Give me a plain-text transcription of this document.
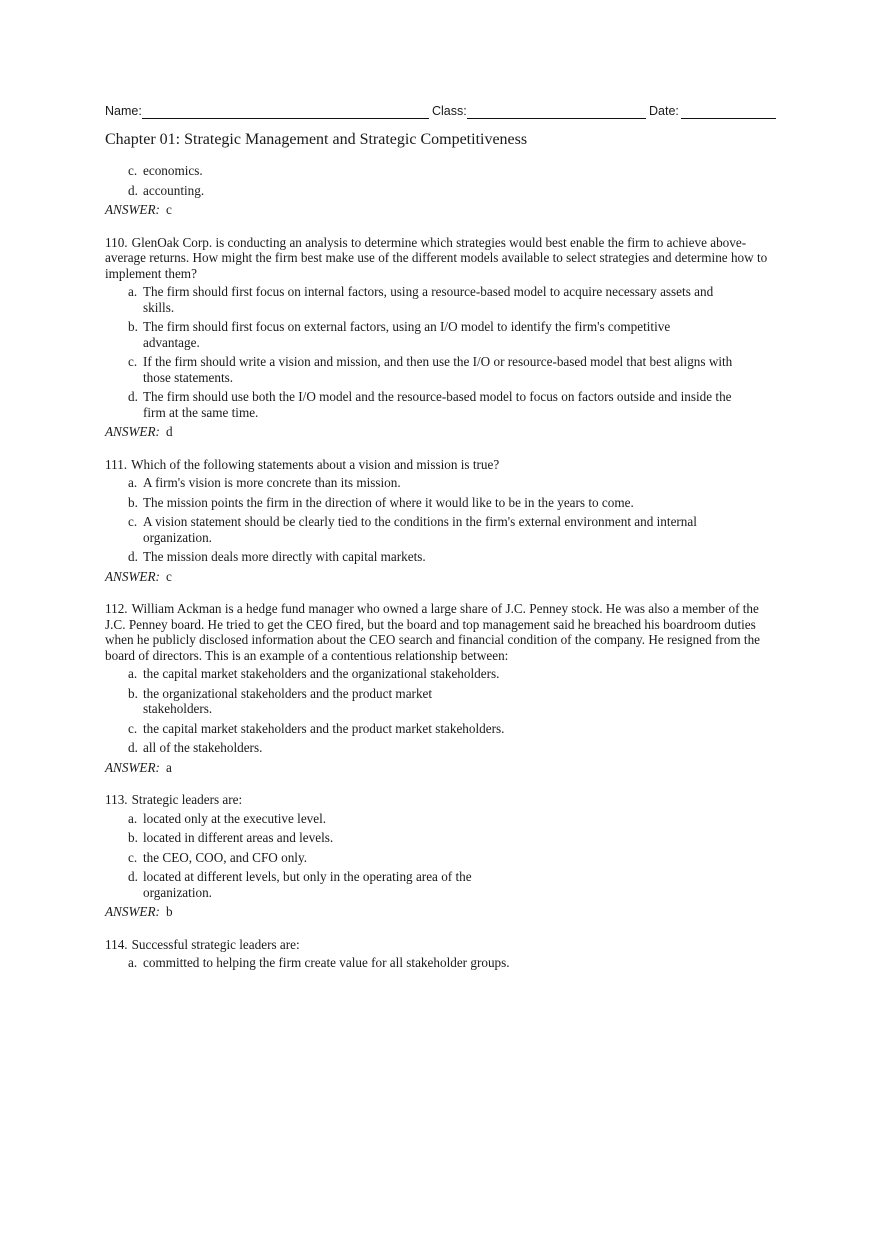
Name:	Class:	Date:
Chapter 01: Strategic Management and Strategic Competitiveness
c. economics.
d. accounting.
ANSWER: c
110. GlenOak Corp. is conducting an analysis to determine which strategies would best enable the firm to achieve above-average returns. How might the firm best make use of the different models available to select strategies and determine how to implement them?
a. The firm should first focus on internal factors, using a resource-based model to acquire necessary assets and skills.
b. The firm should first focus on external factors, using an I/O model to identify the firm's competitive advantage.
c. If the firm should write a vision and mission, and then use the I/O or resource-based model that best aligns with those statements.
d. The firm should use both the I/O model and the resource-based model to focus on factors outside and inside the firm at the same time.
ANSWER: d
111. Which of the following statements about a vision and mission is true?
a. A firm's vision is more concrete than its mission.
b. The mission points the firm in the direction of where it would like to be in the years to come.
c. A vision statement should be clearly tied to the conditions in the firm's external environment and internal organization.
d. The mission deals more directly with capital markets.
ANSWER: c
112. William Ackman is a hedge fund manager who owned a large share of J.C. Penney stock. He was also a member of the J.C. Penney board. He tried to get the CEO fired, but the board and top management said he breached his boardroom duties when he publicly disclosed information about the CEO search and financial condition of the company. He resigned from the board of directors. This is an example of a contentious relationship between:
a. the capital market stakeholders and the organizational stakeholders.
b. the organizational stakeholders and the product market stakeholders.
c. the capital market stakeholders and the product market stakeholders.
d. all of the stakeholders.
ANSWER: a
113. Strategic leaders are:
a. located only at the executive level.
b. located in different areas and levels.
c. the CEO, COO, and CFO only.
d. located at different levels, but only in the operating area of the organization.
ANSWER: b
114. Successful strategic leaders are:
a. committed to helping the firm create value for all stakeholder groups.
